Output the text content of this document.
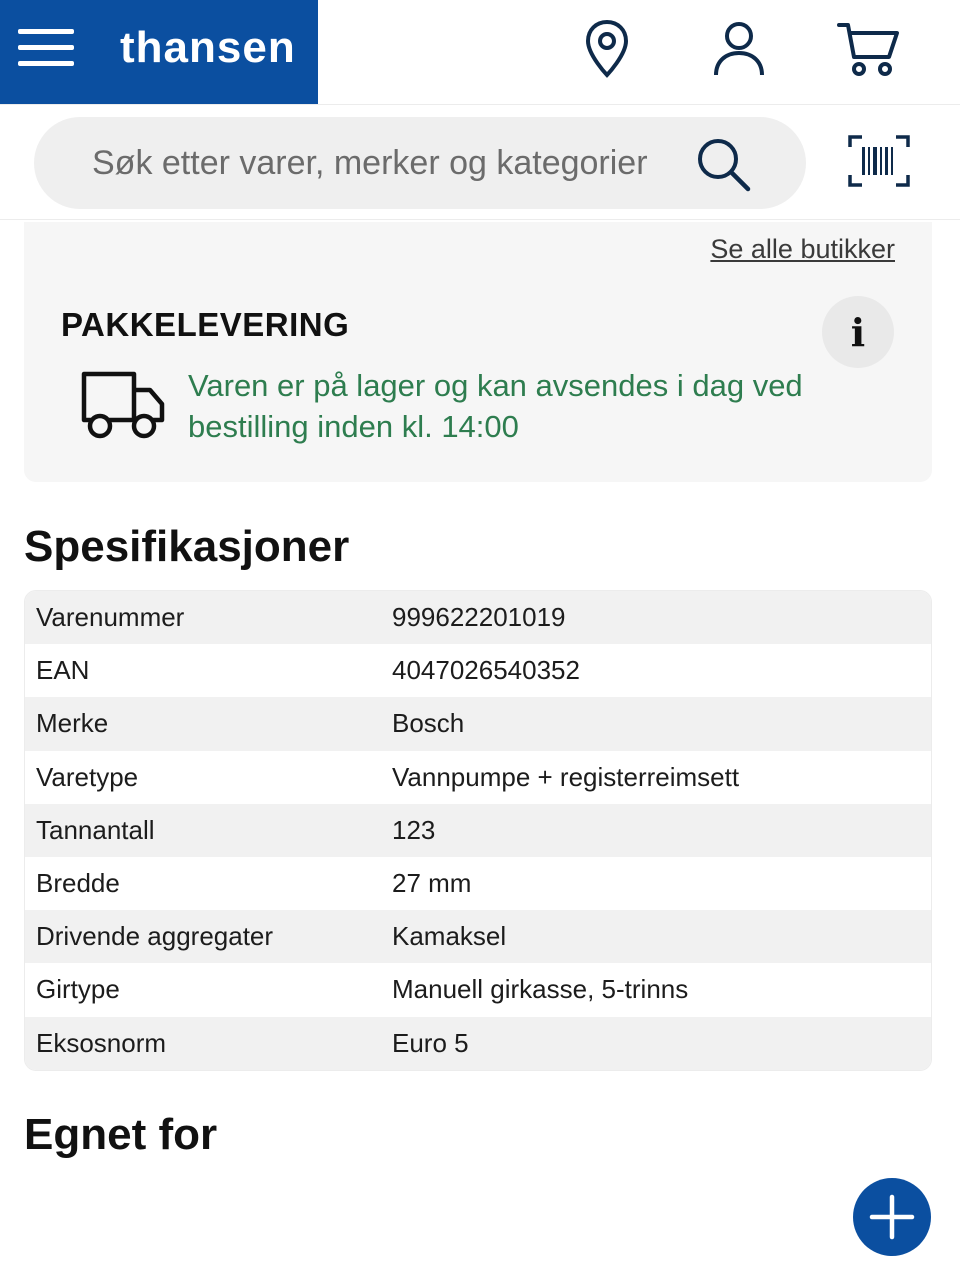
thansen
Søk etter varer, merker og kategorier
Se alle butikker
PAKKELEVERING	i
Varen er på lager og kan avsendes i dag ved bestilling inden kl. 14:00
Spesifikasjoner
Varenummer	999622201019
EAN	4047026540352
Merke	Bosch
Varetype	Vannpumpe + registerreimsett
Tannantall	123
Bredde	27 mm
Drivende aggregater	Kamaksel
Girtype	Manuell girkasse, 5-trinns
Eksosnorm	Euro 5
Egnet for
